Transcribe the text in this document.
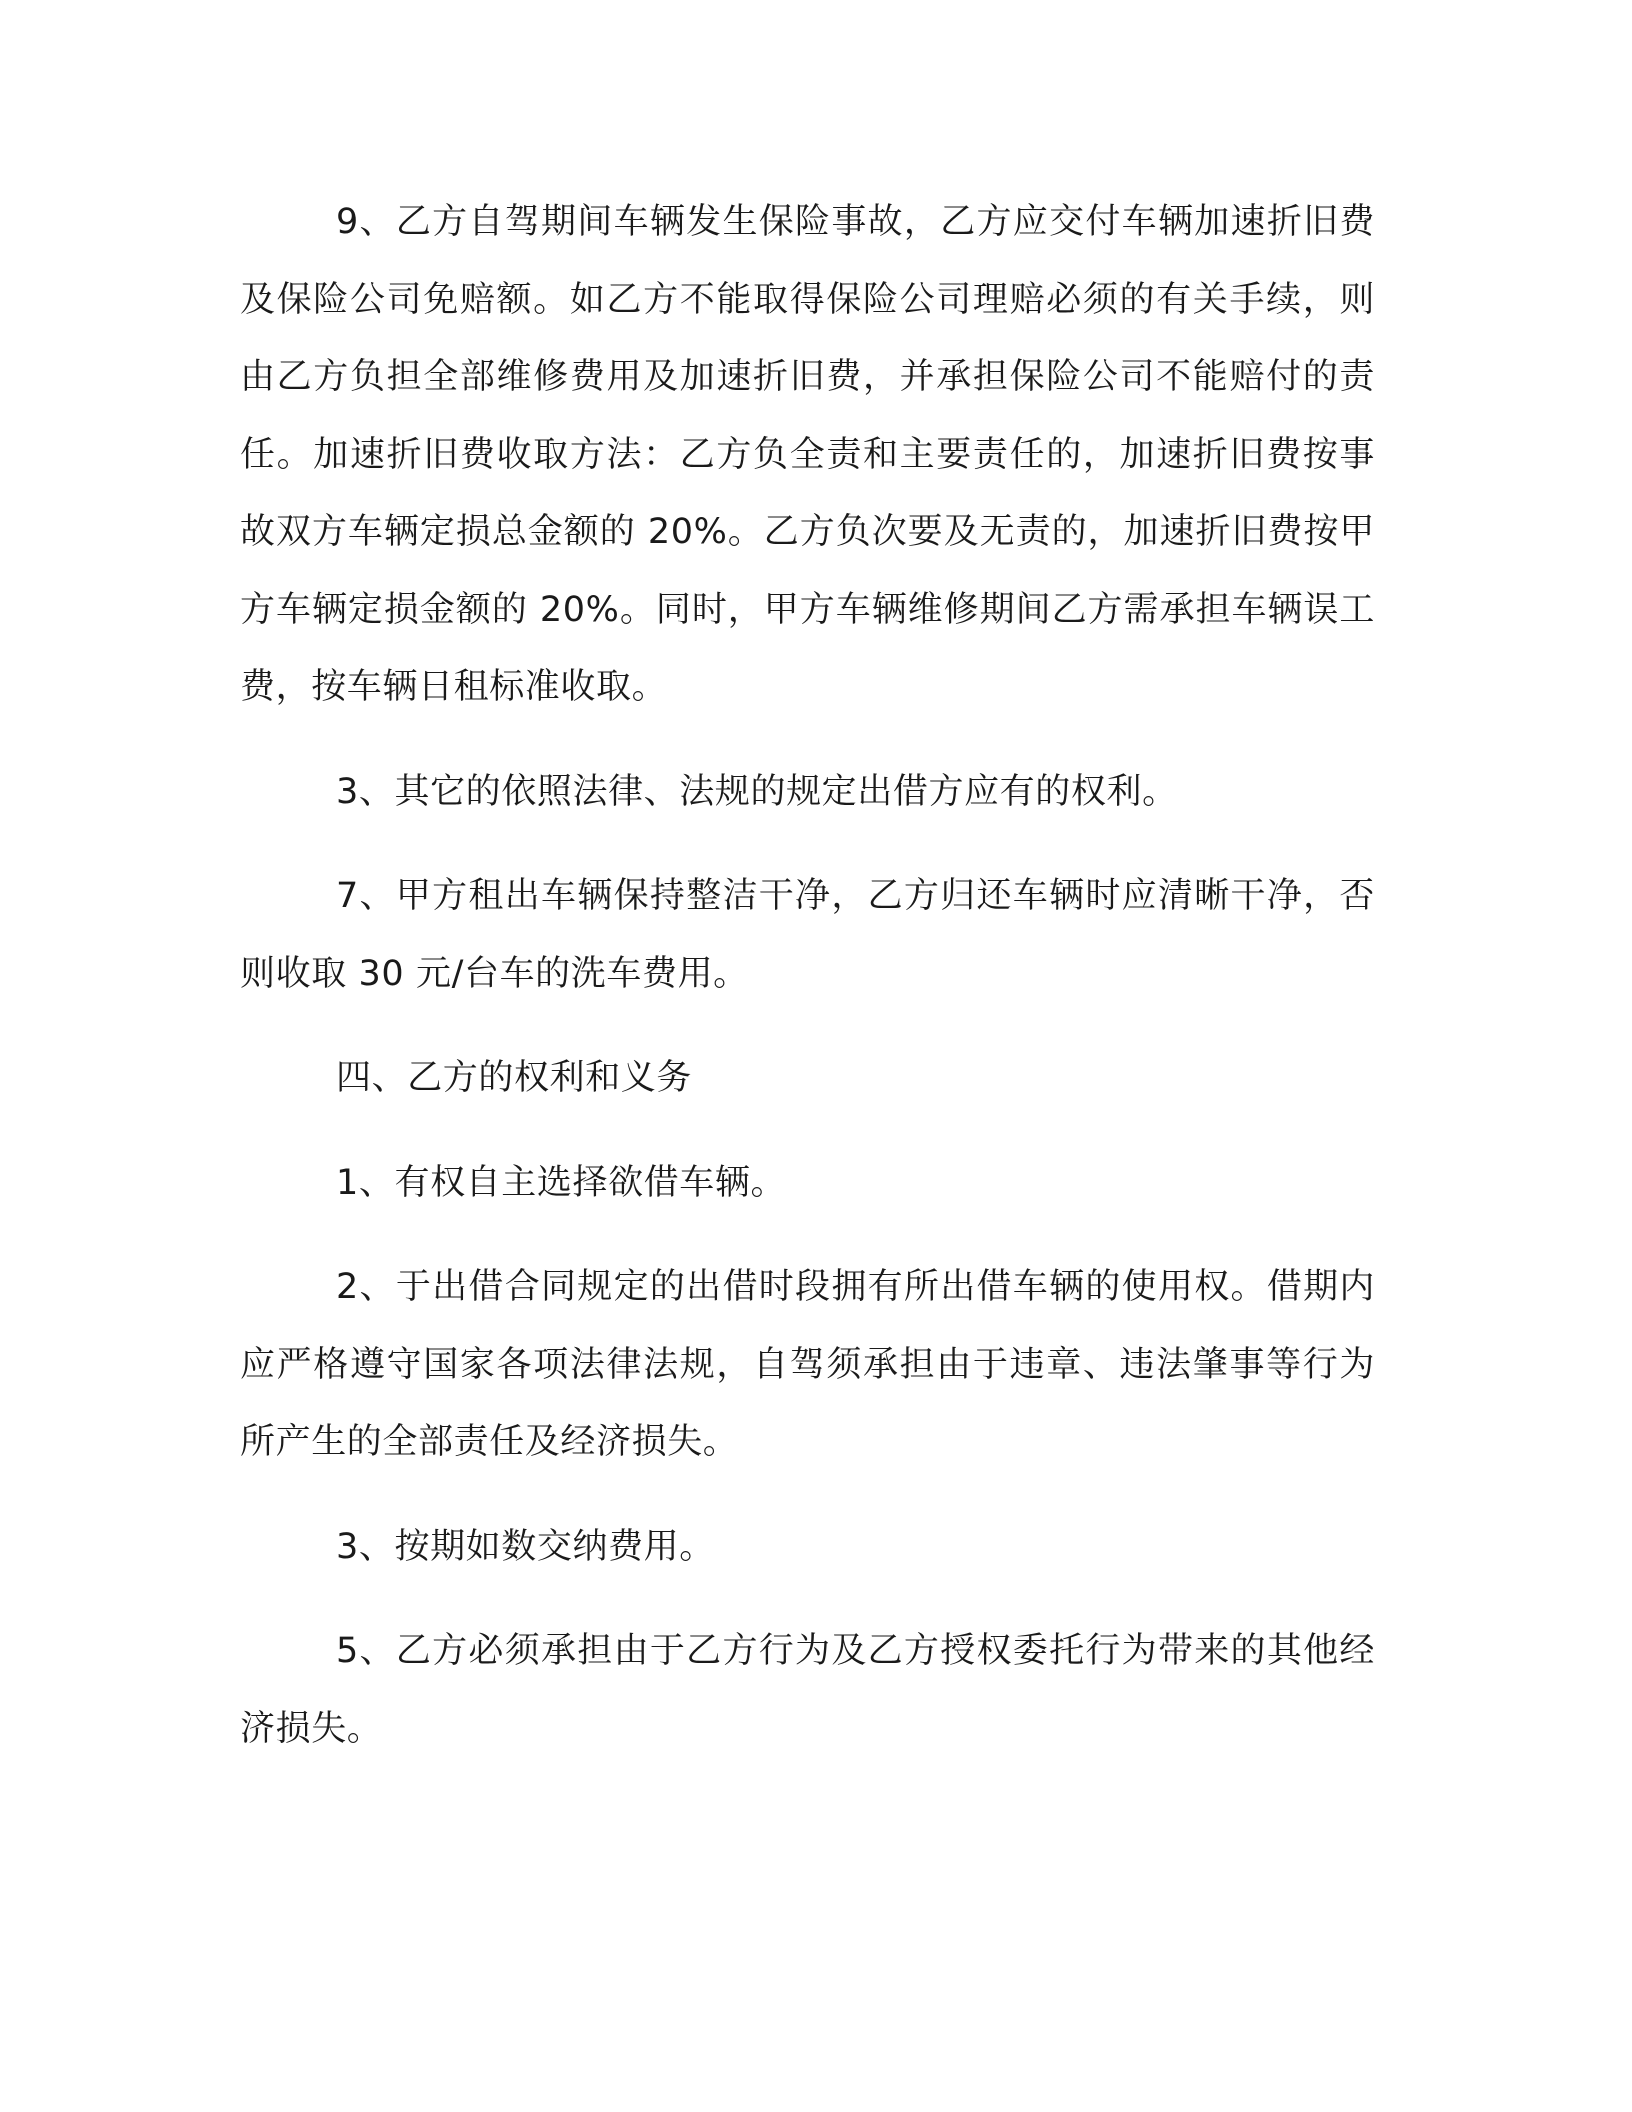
9、乙方自驾期间车辆发生保险事故，乙方应交付车辆加速折旧费及保险公司免赔额。如乙方不能取得保险公司理赔必须的有关手续，则由乙方负担全部维修费用及加速折旧费，并承担保险公司不能赔付的责任。加速折旧费收取方法：乙方负全责和主要责任的，加速折旧费按事故双方车辆定损总金额的 20%。乙方负次要及无责的，加速折旧费按甲方车辆定损金额的 20%。同时，甲方车辆维修期间乙方需承担车辆误工费，按车辆日租标准收取。

3、其它的依照法律、法规的规定出借方应有的权利。

7、甲方租出车辆保持整洁干净，乙方归还车辆时应清晰干净，否则收取 30 元/台车的洗车费用。

四、乙方的权利和义务

1、有权自主选择欲借车辆。

2、于出借合同规定的出借时段拥有所出借车辆的使用权。借期内应严格遵守国家各项法律法规，自驾须承担由于违章、违法肇事等行为所产生的全部责任及经济损失。

3、按期如数交纳费用。

5、乙方必须承担由于乙方行为及乙方授权委托行为带来的其他经济损失。
